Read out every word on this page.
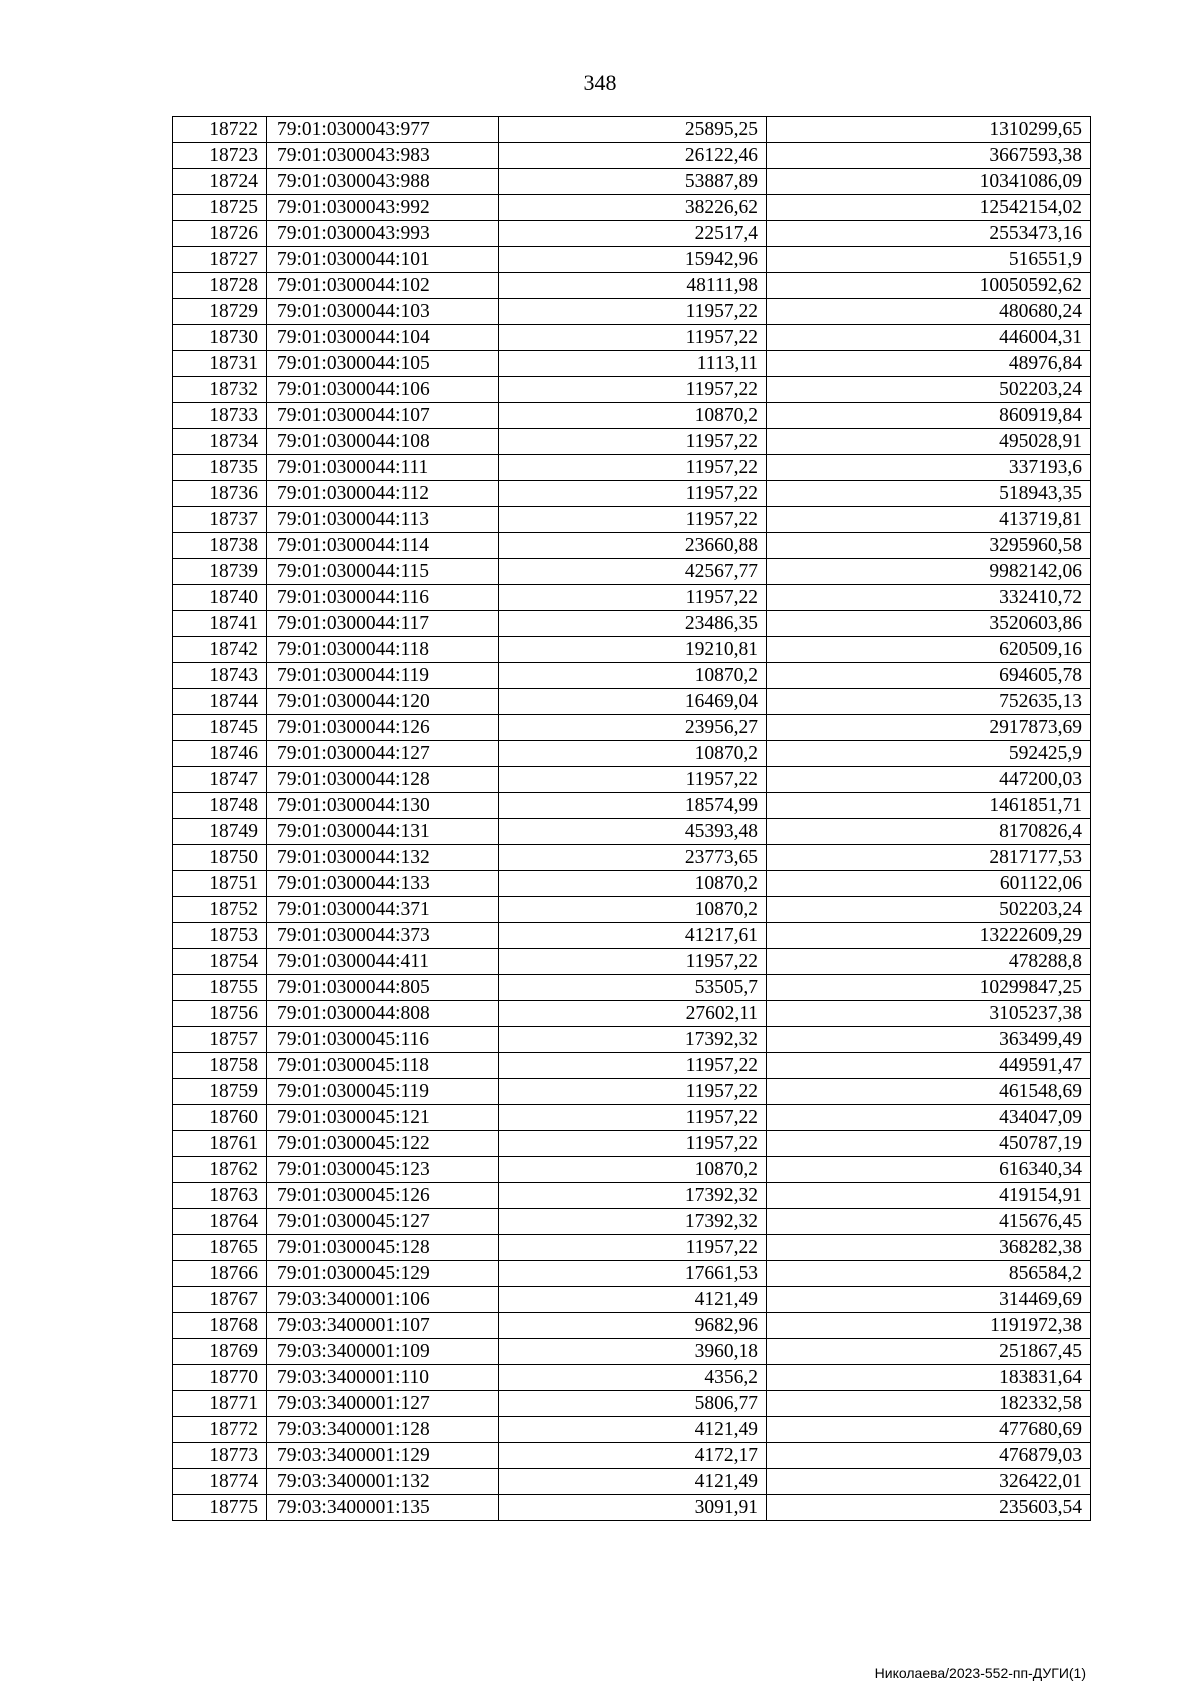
348
18722	79:01:0300043:977	25895,25	1310299,65
18723	79:01:0300043:983	26122,46	3667593,38
18724	79:01:0300043:988	53887,89	10341086,09
18725	79:01:0300043:992	38226,62	12542154,02
18726	79:01:0300043:993	22517,4	2553473,16
18727	79:01:0300044:101	15942,96	516551,9
18728	79:01:0300044:102	48111,98	10050592,62
18729	79:01:0300044:103	11957,22	480680,24
18730	79:01:0300044:104	11957,22	446004,31
18731	79:01:0300044:105	1113,11	48976,84
18732	79:01:0300044:106	11957,22	502203,24
18733	79:01:0300044:107	10870,2	860919,84
18734	79:01:0300044:108	11957,22	495028,91
18735	79:01:0300044:111	11957,22	337193,6
18736	79:01:0300044:112	11957,22	518943,35
18737	79:01:0300044:113	11957,22	413719,81
18738	79:01:0300044:114	23660,88	3295960,58
18739	79:01:0300044:115	42567,77	9982142,06
18740	79:01:0300044:116	11957,22	332410,72
18741	79:01:0300044:117	23486,35	3520603,86
18742	79:01:0300044:118	19210,81	620509,16
18743	79:01:0300044:119	10870,2	694605,78
18744	79:01:0300044:120	16469,04	752635,13
18745	79:01:0300044:126	23956,27	2917873,69
18746	79:01:0300044:127	10870,2	592425,9
18747	79:01:0300044:128	11957,22	447200,03
18748	79:01:0300044:130	18574,99	1461851,71
18749	79:01:0300044:131	45393,48	8170826,4
18750	79:01:0300044:132	23773,65	2817177,53
18751	79:01:0300044:133	10870,2	601122,06
18752	79:01:0300044:371	10870,2	502203,24
18753	79:01:0300044:373	41217,61	13222609,29
18754	79:01:0300044:411	11957,22	478288,8
18755	79:01:0300044:805	53505,7	10299847,25
18756	79:01:0300044:808	27602,11	3105237,38
18757	79:01:0300045:116	17392,32	363499,49
18758	79:01:0300045:118	11957,22	449591,47
18759	79:01:0300045:119	11957,22	461548,69
18760	79:01:0300045:121	11957,22	434047,09
18761	79:01:0300045:122	11957,22	450787,19
18762	79:01:0300045:123	10870,2	616340,34
18763	79:01:0300045:126	17392,32	419154,91
18764	79:01:0300045:127	17392,32	415676,45
18765	79:01:0300045:128	11957,22	368282,38
18766	79:01:0300045:129	17661,53	856584,2
18767	79:03:3400001:106	4121,49	314469,69
18768	79:03:3400001:107	9682,96	1191972,38
18769	79:03:3400001:109	3960,18	251867,45
18770	79:03:3400001:110	4356,2	183831,64
18771	79:03:3400001:127	5806,77	182332,58
18772	79:03:3400001:128	4121,49	477680,69
18773	79:03:3400001:129	4172,17	476879,03
18774	79:03:3400001:132	4121,49	326422,01
18775	79:03:3400001:135	3091,91	235603,54
Николаева/2023-552-пп-ДУГИ(1)
